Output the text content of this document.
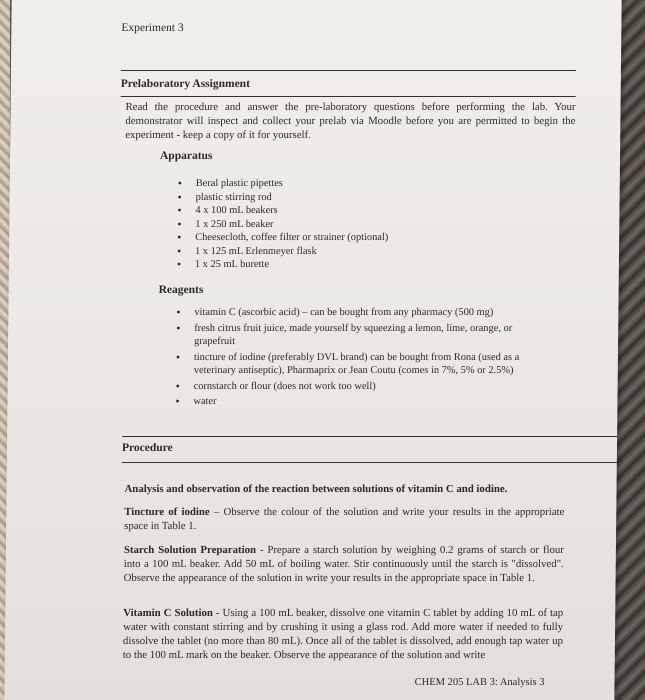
Experiment 3
Prelaboratory Assignment
Read the procedure and answer the pre-laboratory questions before performing the lab. Your demonstrator will inspect and collect your prelab via Moodle before you are permitted to begin the experiment - keep a copy of it for yourself.
Apparatus
• Beral plastic pipettes
• plastic stirring rod
• 4 x 100 mL beakers
• 1 x 250 mL beaker
• Cheesecloth, coffee filter or strainer (optional)
• 1 x 125 mL Erlenmeyer flask
• 1 x 25 mL burette
Reagents
• vitamin C (ascorbic acid) – can be bought from any pharmacy (500 mg)
• fresh citrus fruit juice, made yourself by squeezing a lemon, lime, orange, or grapefruit
• tincture of iodine (preferably DVL brand) can be bought from Rona (used as a veterinary antiseptic), Pharmaprix or Jean Coutu (comes in 7%, 5% or 2.5%)
• cornstarch or flour (does not work too well)
• water
Procedure
Analysis and observation of the reaction between solutions of vitamin C and iodine.
Tincture of iodine – Observe the colour of the solution and write your results in the appropriate space in Table 1.
Starch Solution Preparation - Prepare a starch solution by weighing 0.2 grams of starch or flour into a 100 mL beaker. Add 50 mL of boiling water. Stir continuously until the starch is "dissolved". Observe the appearance of the solution in write your results in the appropriate space in Table 1.
Vitamin C Solution - Using a 100 mL beaker, dissolve one vitamin C tablet by adding 10 mL of tap water with constant stirring and by crushing it using a glass rod. Add more water if needed to fully dissolve the tablet (no more than 80 mL). Once all of the tablet is dissolved, add enough tap water up to the 100 mL mark on the beaker. Observe the appearance of the solution and write
CHEM 205 LAB 3: Analysis 3
